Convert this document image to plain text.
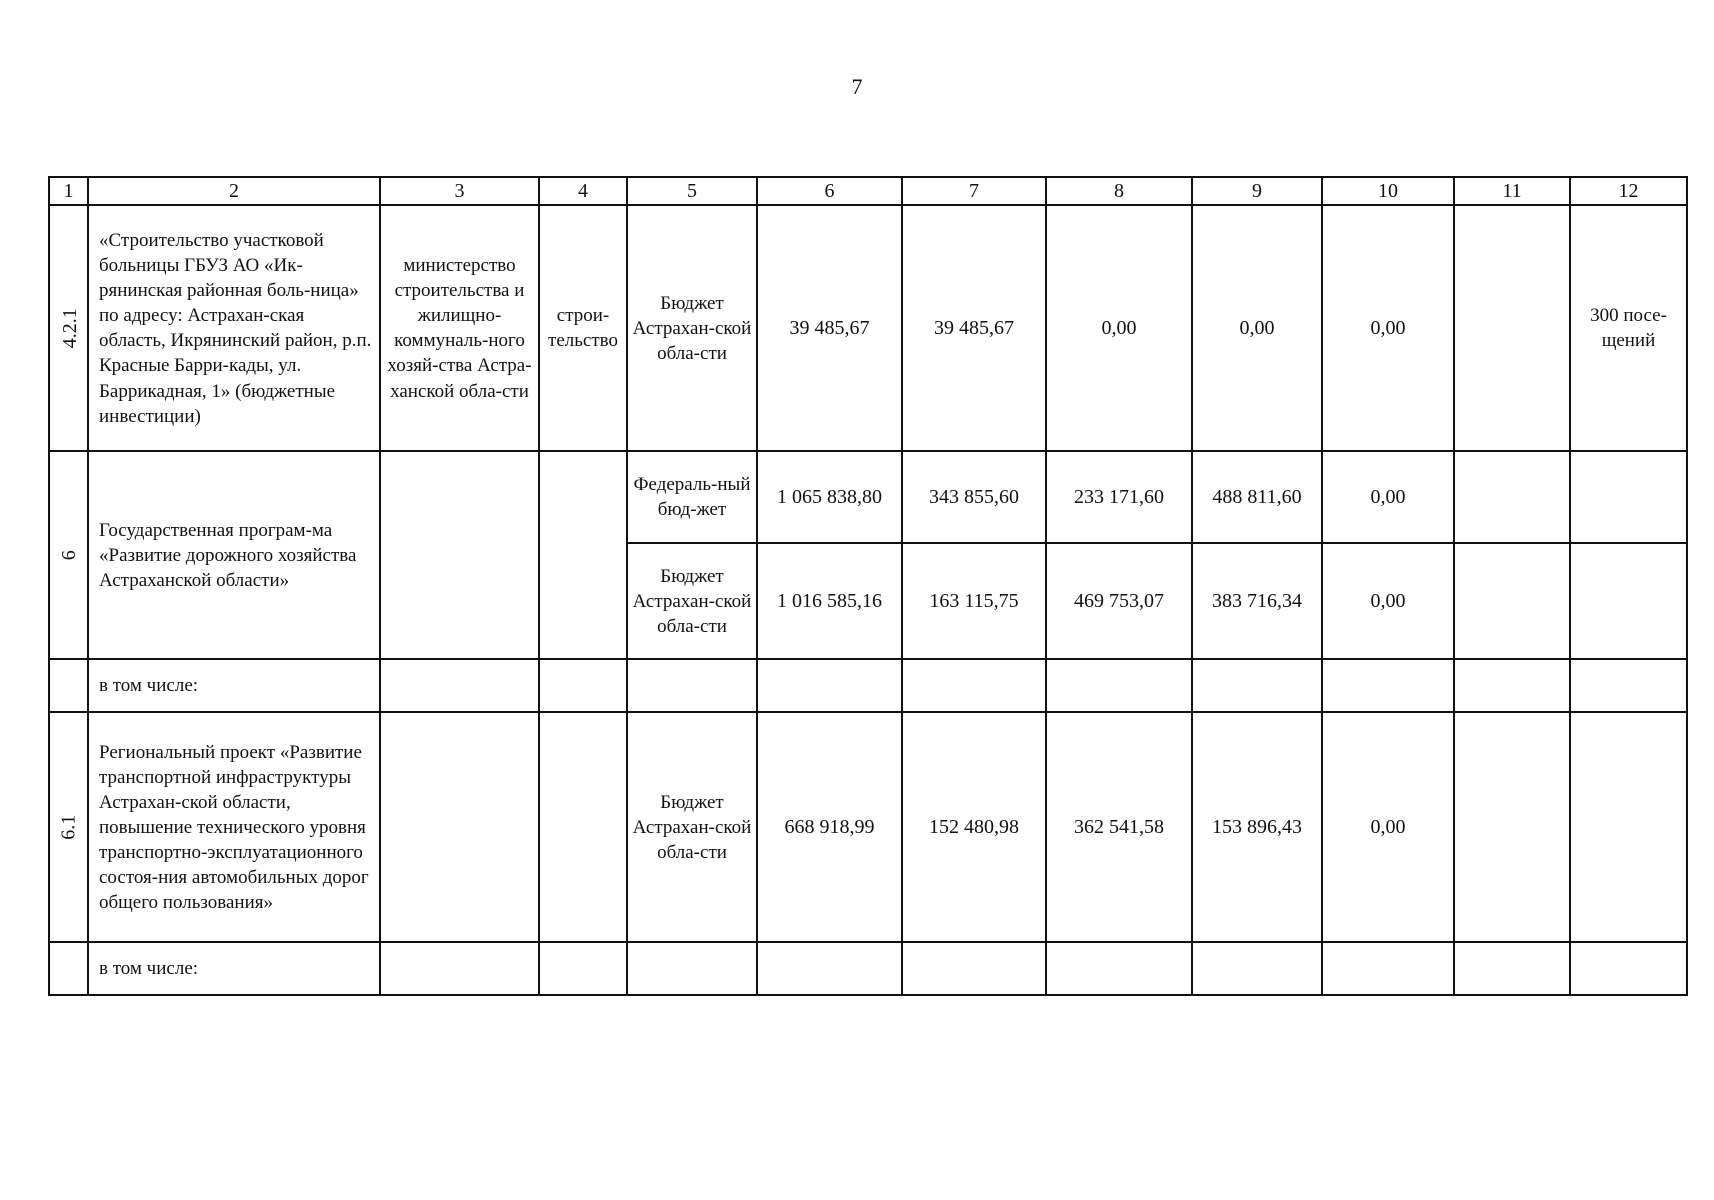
7
1	2	3	4	5	6	7	8	9	10	11	12
4.2.1	«Строительство участковой больницы ГБУЗ АО «Ик-рянинская районная боль-ница» по адресу: Астрахан-ская область, Икрянинский район, р.п. Красные Барри-кады, ул. Баррикадная, 1» (бюджетные инвестиции)	министерство строительства и жилищно-коммуналь-ного хозяй-ства Астра-ханской обла-сти	строи-тельство	Бюджет Астрахан-ской обла-сти	39 485,67	39 485,67	0,00	0,00	0,00		300 посе-щений
6	Государственная програм-ма «Развитие дорожного хозяйства Астраханской области»			Федераль-ный бюд-жет	1 065 838,80	343 855,60	233 171,60	488 811,60	0,00		
				Бюджет Астрахан-ской обла-сти	1 016 585,16	163 115,75	469 753,07	383 716,34	0,00		
	в том числе:										
6.1	Региональный проект «Развитие транспортной инфраструктуры Астрахан-ской области, повышение технического уровня транспортно-эксплуатационного состоя-ния автомобильных дорог общего пользования»			Бюджет Астрахан-ской обла-сти	668 918,99	152 480,98	362 541,58	153 896,43	0,00		
	в том числе:										
